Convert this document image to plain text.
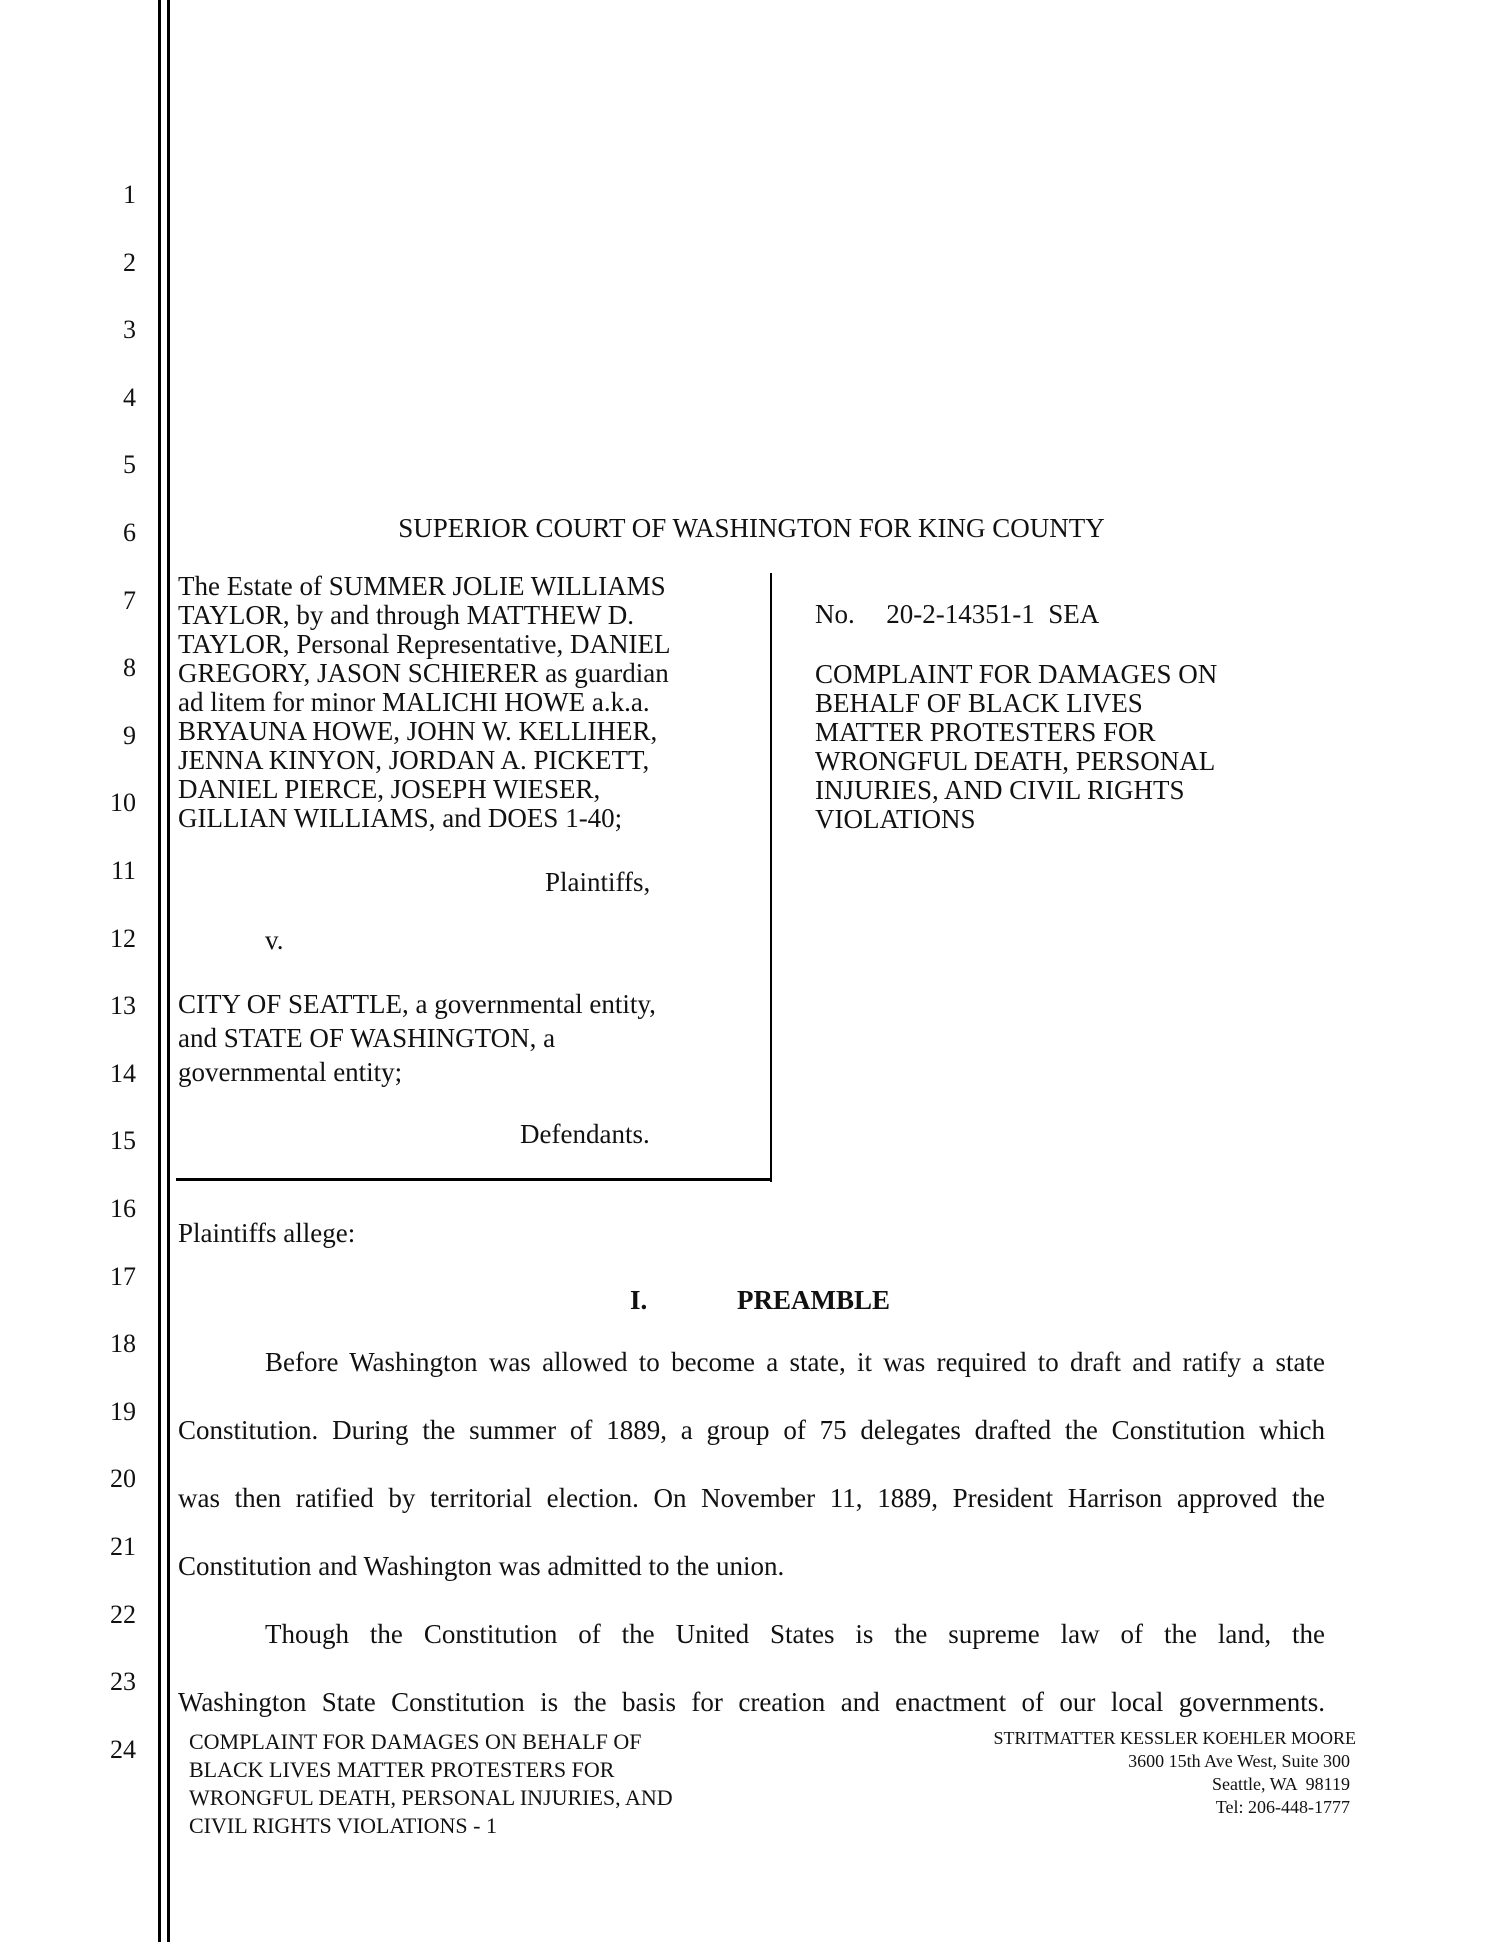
1
2
3
4
5
6
7
8
9
10
11
12
13
14
15
16
17
18
19
20
21
22
23
24
SUPERIOR COURT OF WASHINGTON FOR KING COUNTY
The Estate of SUMMER JOLIE WILLIAMS
TAYLOR, by and through MATTHEW D.
TAYLOR, Personal Representative, DANIEL
GREGORY, JASON SCHIERER as guardian
ad litem for minor MALICHI HOWE a.k.a.
BRYAUNA HOWE, JOHN W. KELLIHER,
JENNA KINYON, JORDAN A. PICKETT,
DANIEL PIERCE, JOSEPH WIESER,
GILLIAN WILLIAMS, and DOES 1-40;
Plaintiffs,
v.
CITY OF SEATTLE, a governmental entity,
and STATE OF WASHINGTON, a
governmental entity;
Defendants.
No. 20-2-14351-1  SEA
COMPLAINT FOR DAMAGES ON
BEHALF OF BLACK LIVES
MATTER PROTESTERS FOR
WRONGFUL DEATH, PERSONAL
INJURIES, AND CIVIL RIGHTS
VIOLATIONS
Plaintiffs allege:
I.	PREAMBLE
Before Washington was allowed to become a state, it was required to draft and ratify a state
Constitution. During the summer of 1889, a group of 75 delegates drafted the Constitution which
was then ratified by territorial election. On November 11, 1889, President Harrison approved the
Constitution and Washington was admitted to the union.
Though the Constitution of the United States is the supreme law of the land, the
Washington State Constitution is the basis for creation and enactment of our local governments.
COMPLAINT FOR DAMAGES ON BEHALF OF
BLACK LIVES MATTER PROTESTERS FOR
WRONGFUL DEATH, PERSONAL INJURIES, AND
CIVIL RIGHTS VIOLATIONS - 1
STRITMATTER KESSLER KOEHLER MOORE
3600 15th Ave West, Suite 300
Seattle, WA  98119
Tel: 206-448-1777
